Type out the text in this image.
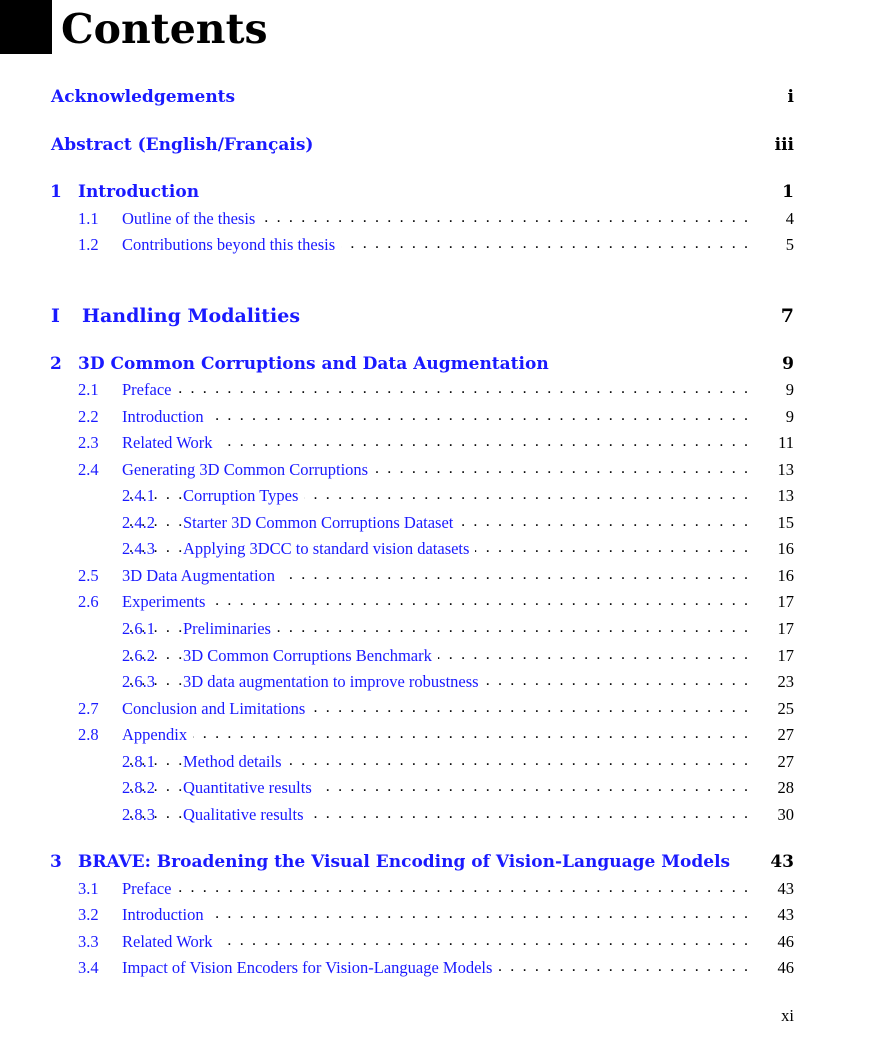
Contents
Acknowledgements	i
Abstract (English/Français)	iii
1 Introduction	1
. . .
1.1 Outline of the thesis	4
. . .
1.2 Contributions beyond this thesis	5
I Handling Modalities	7
2 3D Common Corruptions and Data Augmentation	9
. . .
2.1 Preface	9
. . .
2.2 Introduction	9
. . .
2.3 Related Work	11
. . .
2.4 Generating 3D Common Corruptions	13
. . .
2.4.1 Corruption Types	13
. . .
2.4.2 Starter 3D Common Corruptions Dataset	15
. . .
2.4.3 Applying 3DCC to standard vision datasets	16
. . .
2.5 3D Data Augmentation	16
. . .
2.6 Experiments	17
. . .
2.6.1 Preliminaries	17
. . .
2.6.2 3D Common Corruptions Benchmark	17
. . .
2.6.3 3D data augmentation to improve robustness	23
. . .
2.7 Conclusion and Limitations	25
. . .
2.8 Appendix	27
. . .
2.8.1 Method details	27
. . .
2.8.2 Quantitative results	28
. . .
2.8.3 Qualitative results	30
3 BRAVE: Broadening the Visual Encoding of Vision-Language Models 43
. . .
3.1 Preface	43
. . .
3.2 Introduction	43
. . .
3.3 Related Work	46
. . .
3.4 Impact of Vision Encoders for Vision-Language Models	46
xi
